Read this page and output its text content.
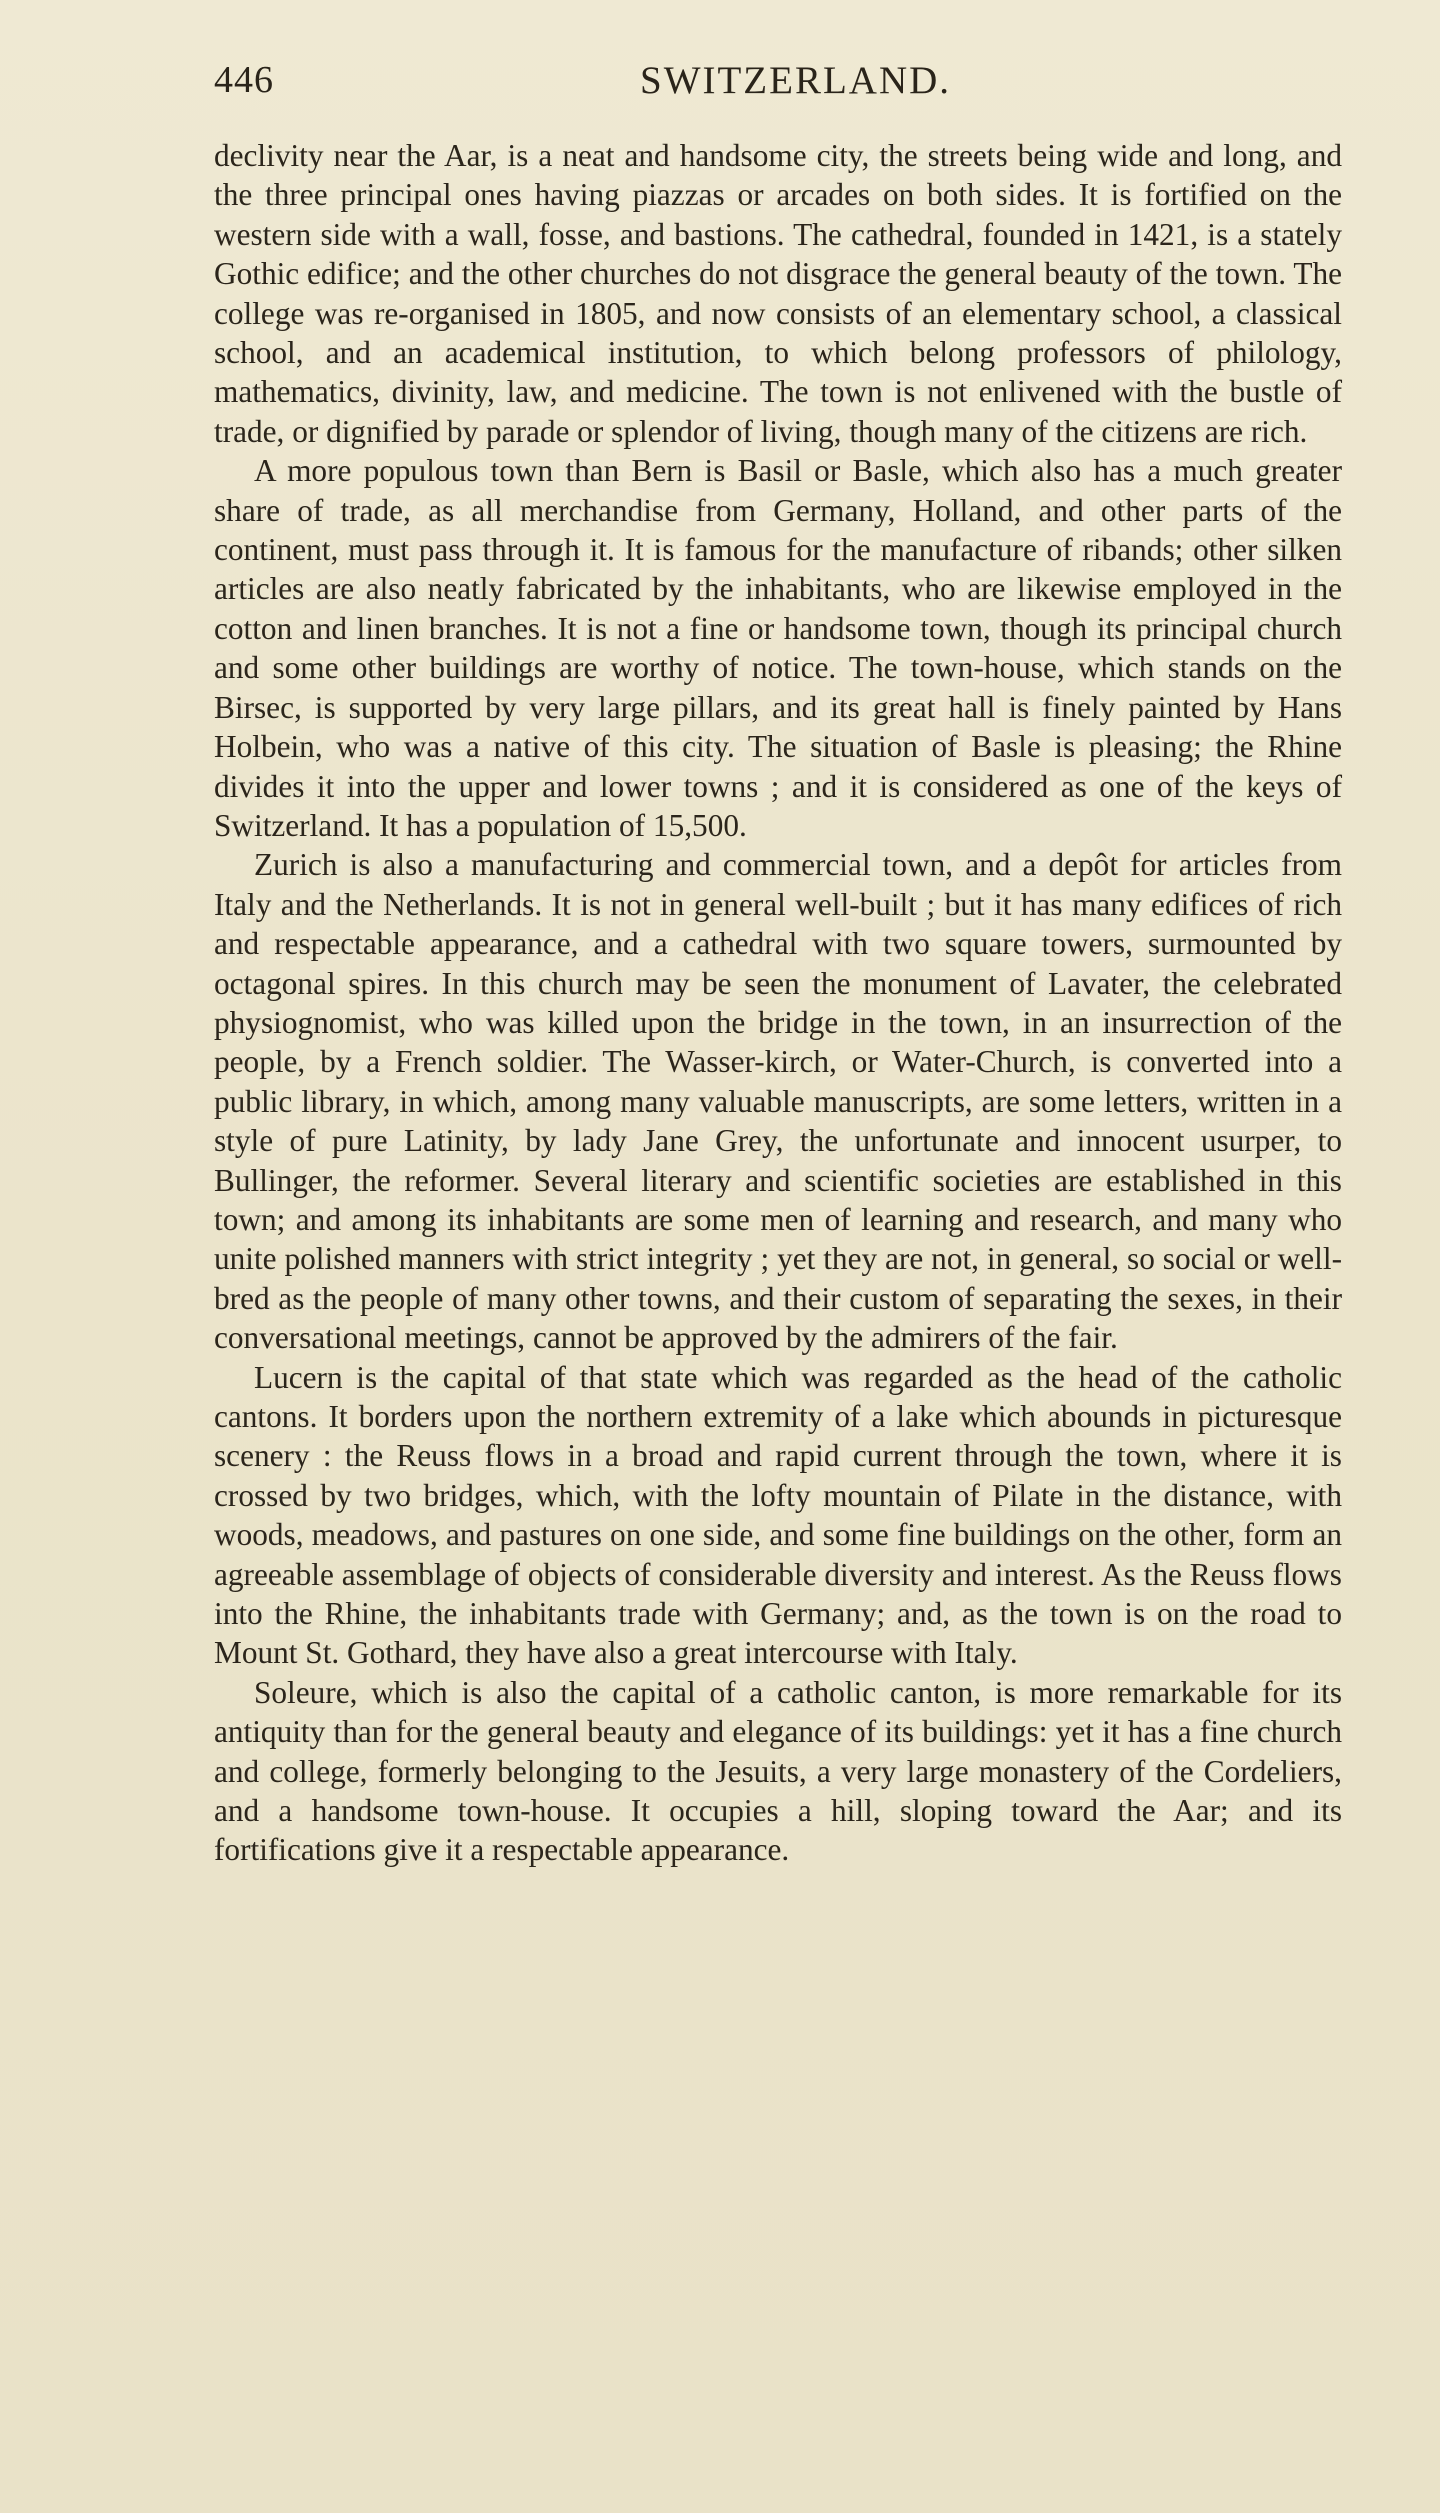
446	SWITZERLAND.

declivity near the Aar, is a neat and handsome city, the streets being wide and long, and the three principal ones having piazzas or arcades on both sides. It is fortified on the western side with a wall, fosse, and bastions. The cathedral, founded in 1421, is a stately Gothic edifice; and the other churches do not disgrace the general beauty of the town. The college was re-organised in 1805, and now consists of an elementary school, a classical school, and an academical institution, to which belong professors of philology, mathematics, divinity, law, and medicine. The town is not enlivened with the bustle of trade, or dignified by parade or splendor of living, though many of the citizens are rich.

A more populous town than Bern is Basil or Basle, which also has a much greater share of trade, as all merchandise from Germany, Holland, and other parts of the continent, must pass through it. It is famous for the manufacture of ribands; other silken articles are also neatly fabricated by the inhabitants, who are likewise employed in the cotton and linen branches. It is not a fine or handsome town, though its principal church and some other buildings are worthy of notice. The town-house, which stands on the Birsec, is supported by very large pillars, and its great hall is finely painted by Hans Holbein, who was a native of this city. The situation of Basle is pleasing; the Rhine divides it into the upper and lower towns ; and it is considered as one of the keys of Switzerland. It has a population of 15,500.

Zurich is also a manufacturing and commercial town, and a depôt for articles from Italy and the Netherlands. It is not in general well-built ; but it has many edifices of rich and respectable appearance, and a cathedral with two square towers, surmounted by octagonal spires. In this church may be seen the monument of Lavater, the celebrated physiognomist, who was killed upon the bridge in the town, in an insurrection of the people, by a French soldier. The Wasser-kirch, or Water-Church, is converted into a public library, in which, among many valuable manuscripts, are some letters, written in a style of pure Latinity, by lady Jane Grey, the unfortunate and innocent usurper, to Bullinger, the reformer. Several literary and scientific societies are established in this town; and among its inhabitants are some men of learning and research, and many who unite polished manners with strict integrity ; yet they are not, in general, so social or well-bred as the people of many other towns, and their custom of separating the sexes, in their conversational meetings, cannot be approved by the admirers of the fair.

Lucern is the capital of that state which was regarded as the head of the catholic cantons. It borders upon the northern extremity of a lake which abounds in picturesque scenery : the Reuss flows in a broad and rapid current through the town, where it is crossed by two bridges, which, with the lofty mountain of Pilate in the distance, with woods, meadows, and pastures on one side, and some fine buildings on the other, form an agreeable assemblage of objects of considerable diversity and interest. As the Reuss flows into the Rhine, the inhabitants trade with Germany; and, as the town is on the road to Mount St. Gothard, they have also a great intercourse with Italy.

Soleure, which is also the capital of a catholic canton, is more remarkable for its antiquity than for the general beauty and elegance of its buildings: yet it has a fine church and college, formerly belonging to the Jesuits, a very large monastery of the Cordeliers, and a handsome town-house. It occupies a hill, sloping toward the Aar; and its fortifications give it a respectable appearance.
